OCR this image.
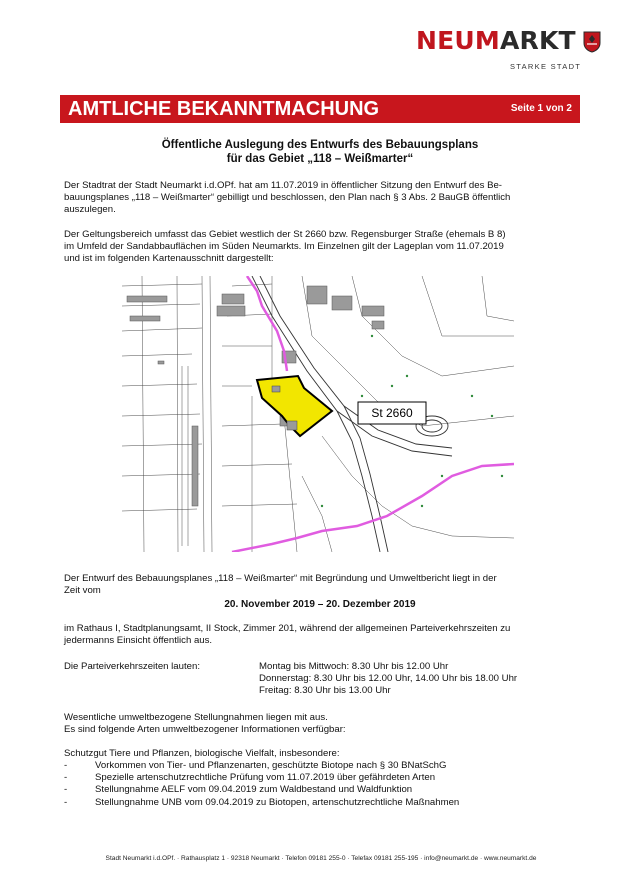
NEUMARKT
STARKE STADT
AMTLICHE BEKANNTMACHUNG	Seite 1 von 2
Öffentliche Auslegung des Entwurfs des Bebauungsplans
für das Gebiet „118 – Weißmarter“
Der Stadtrat der Stadt Neumarkt i.d.OPf. hat am 11.07.2019 in öffentlicher Sitzung den Entwurf des Be-
bauungsplanes „118 – Weißmarter“ gebilligt und beschlossen, den Plan nach § 3 Abs. 2 BauGB öffentlich
auszulegen.
Der Geltungsbereich umfasst das Gebiet westlich der St 2660 bzw. Regensburger Straße (ehemals B 8)
im Umfeld der Sandabbauflächen im Süden Neumarkts. Im Einzelnen gilt der Lageplan vom 11.07.2019
und ist im folgenden Kartenausschnitt dargestellt:
St 2660
Der Entwurf des Bebauungsplanes „118 – Weißmarter“ mit Begründung und Umweltbericht liegt in der
Zeit vom
20. November 2019 – 20. Dezember 2019
im Rathaus I, Stadtplanungsamt, II Stock, Zimmer 201, während der allgemeinen Parteiverkehrszeiten zu
jedermanns Einsicht öffentlich aus.
Die Parteiverkehrszeiten lauten:	Montag bis Mittwoch: 8.30 Uhr bis 12.00 Uhr
Donnerstag: 8.30 Uhr bis 12.00 Uhr, 14.00 Uhr bis 18.00 Uhr
Freitag: 8.30 Uhr bis 13.00 Uhr
Wesentliche umweltbezogene Stellungnahmen liegen mit aus.
Es sind folgende Arten umweltbezogener Informationen verfügbar:
Schutzgut Tiere und Pflanzen, biologische Vielfalt, insbesondere:
-	Vorkommen von Tier- und Pflanzenarten, geschützte Biotope nach § 30 BNatSchG
-	Spezielle artenschutzrechtliche Prüfung vom 11.07.2019 über gefährdeten Arten
-	Stellungnahme AELF vom 09.04.2019 zum Waldbestand und Waldfunktion
-	Stellungnahme UNB vom 09.04.2019 zu Biotopen, artenschutzrechtliche Maßnahmen
Stadt Neumarkt i.d.OPf. · Rathausplatz 1 · 92318 Neumarkt · Telefon 09181 255-0 · Telefax 09181 255-195 · info@neumarkt.de · www.neumarkt.de
